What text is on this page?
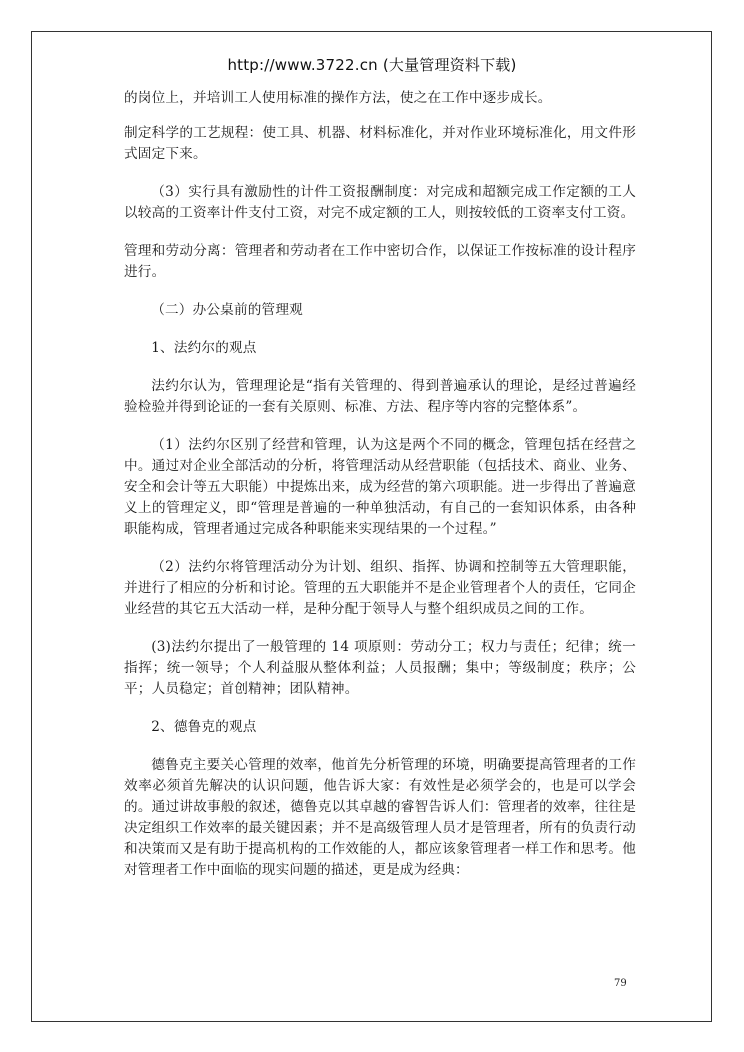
http://www.3722.cn (大量管理资料下载)

的岗位上，并培训工人使用标准的操作方法，使之在工作中逐步成长。

制定科学的工艺规程：使工具、机器、材料标准化，并对作业环境标准化，用文件形式固定下来。

（3）实行具有激励性的计件工资报酬制度：对完成和超额完成工作定额的工人以较高的工资率计件支付工资，对完不成定额的工人，则按较低的工资率支付工资。

管理和劳动分离：管理者和劳动者在工作中密切合作，以保证工作按标准的设计程序进行。

（二）办公桌前的管理观

1、法约尔的观点

法约尔认为，管理理论是“指有关管理的、得到普遍承认的理论，是经过普遍经验检验并得到论证的一套有关原则、标准、方法、程序等内容的完整体系”。

（1）法约尔区别了经营和管理，认为这是两个不同的概念，管理包括在经营之中。通过对企业全部活动的分析，将管理活动从经营职能（包括技术、商业、业务、安全和会计等五大职能）中提炼出来，成为经营的第六项职能。进一步得出了普遍意义上的管理定义，即“管理是普遍的一种单独活动，有自己的一套知识体系，由各种职能构成，管理者通过完成各种职能来实现结果的一个过程。”

（2）法约尔将管理活动分为计划、组织、指挥、协调和控制等五大管理职能，并进行了相应的分析和讨论。管理的五大职能并不是企业管理者个人的责任，它同企业经营的其它五大活动一样，是种分配于领导人与整个组织成员之间的工作。

(3)法约尔提出了一般管理的 14 项原则：劳动分工；权力与责任；纪律；统一指挥；统一领导；个人利益服从整体利益；人员报酬；集中；等级制度；秩序；公平；人员稳定；首创精神；团队精神。

2、德鲁克的观点

德鲁克主要关心管理的效率，他首先分析管理的环境，明确要提高管理者的工作效率必须首先解决的认识问题，他告诉大家：有效性是必须学会的，也是可以学会的。通过讲故事般的叙述，德鲁克以其卓越的睿智告诉人们：管理者的效率，往往是决定组织工作效率的最关键因素；并不是高级管理人员才是管理者，所有的负责行动和决策而又是有助于提高机构的工作效能的人，都应该象管理者一样工作和思考。他对管理者工作中面临的现实问题的描述，更是成为经典：

79
